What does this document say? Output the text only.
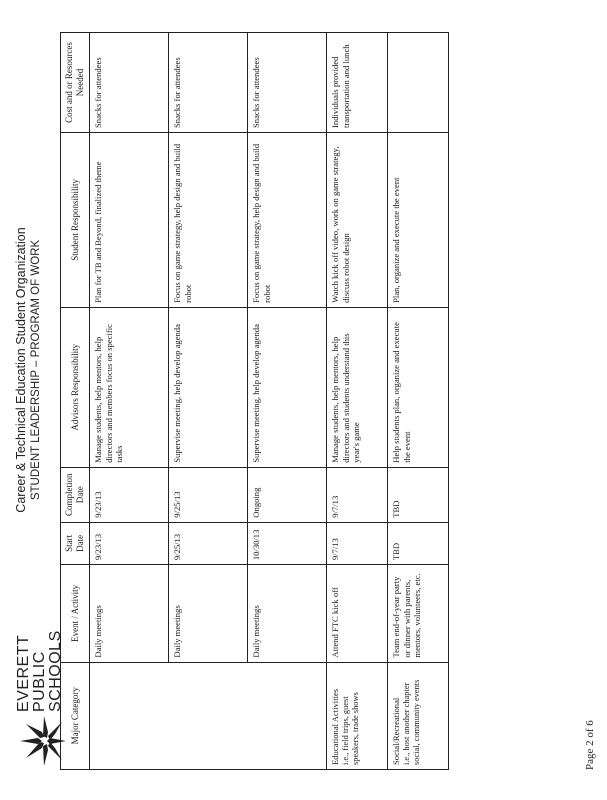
EVERETT PUBLIC SCHOOLS
Career & Technical Education Student Organization STUDENT LEADERSHIP – PROGRAM OF WORK
Major Category	Event / Activity	Start Date	Completion Date	Advisors Responsibility	Student Responsibility	Cost and or Resources Needed
	Daily meetings	9/23/13	9/23/13	Manage students, help mentors, help directors and members focus on specific tasks	Plan for TB and Beyond, finalized theme	Snacks for attendees
	Daily meetings	9/25/13	9/25/13	Supervise meeting, help develop agenda	Focus on game strategy, help design and build robot	Snacks for attendees
	Daily meetings	10/30/13	Ongoing	Supervise meeting, help develop agenda	Focus on game strategy, help design and build robot	Snacks for attendees

Educational Activities i.e., field trips, guest speakers, trade shows	Attend FTC kick off	9/7/13	9/7/13	Manage students, help mentors, help directors and students understand this year's game	Watch kick off video, work on game strategy, discuss robot design	Individuals provided transportation and lunch

Social/Recreational i.e., host another chapter social, community events	Team end-of-year party or dinner with parents, mentors, volunteers, etc.	TBD	TBD	Help students plan, organize and execute the event	Plan, organize and execute the event	
Page 2 of 6
